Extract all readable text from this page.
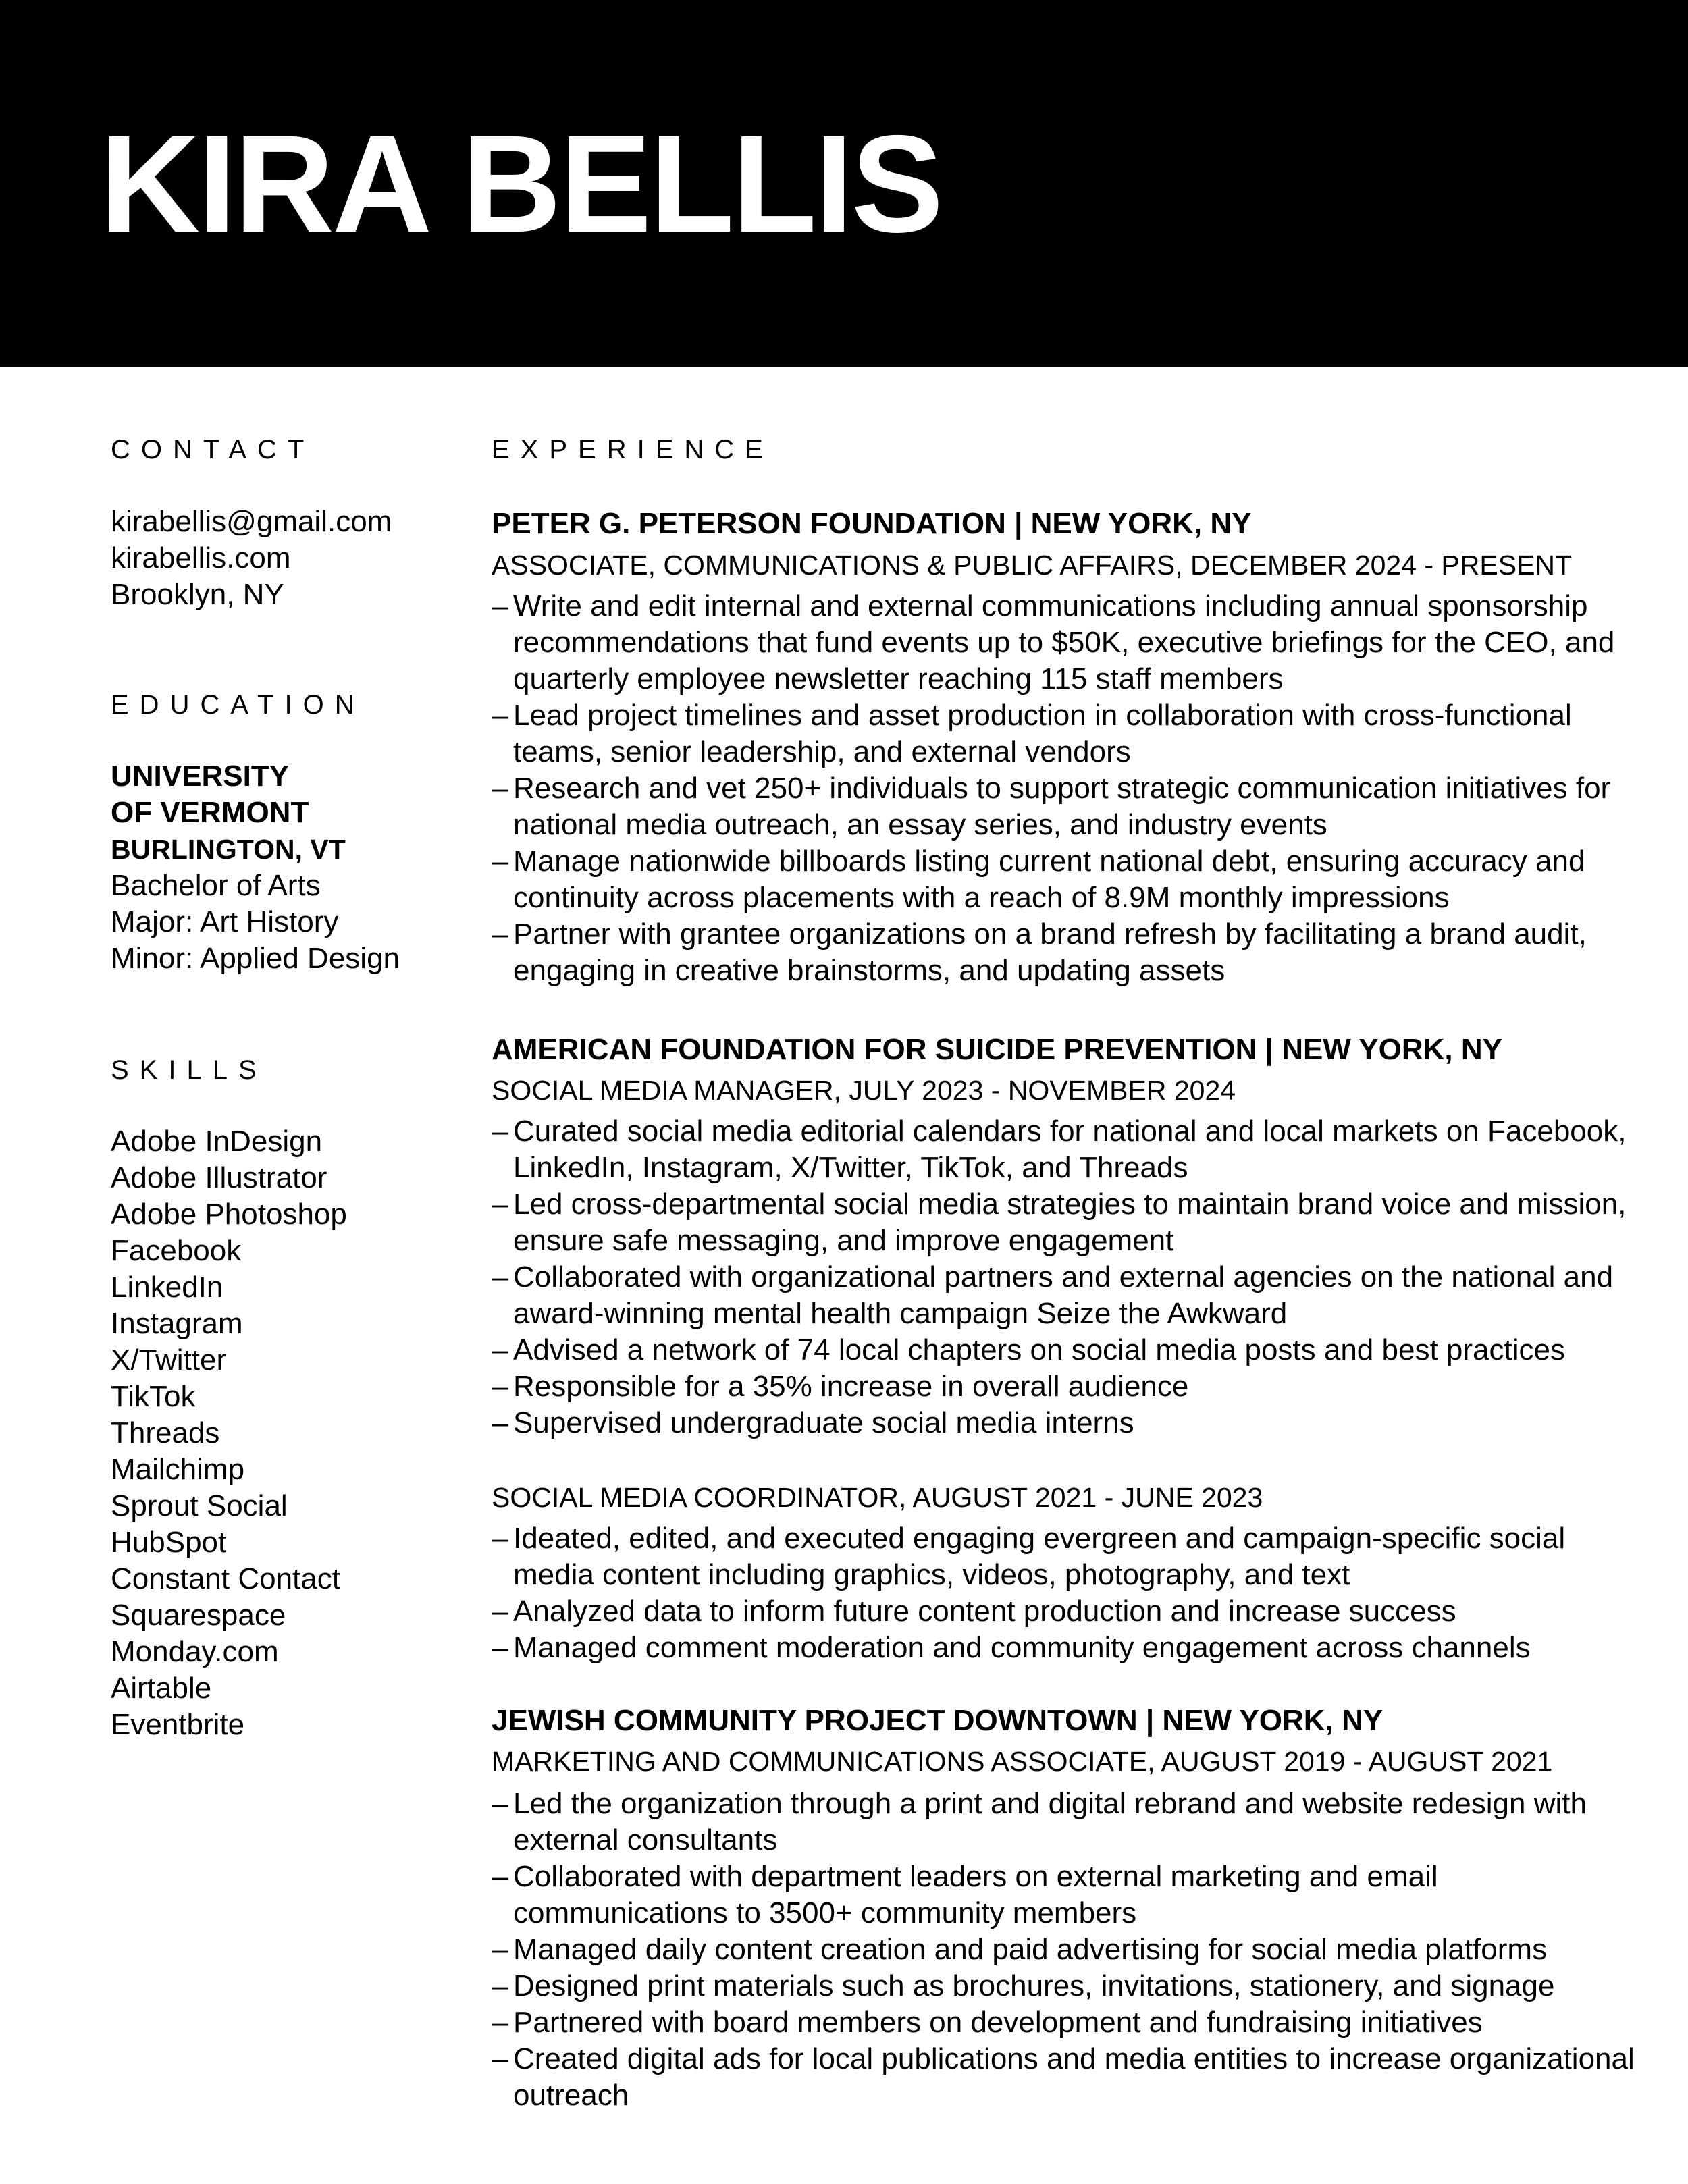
KIRA BELLIS
CONTACT
kirabellis@gmail.com
kirabellis.com
Brooklyn, NY
EDUCATION
UNIVERSITY
OF VERMONT
BURLINGTON, VT
Bachelor of Arts
Major: Art History
Minor: Applied Design
SKILLS
Adobe InDesign
Adobe Illustrator
Adobe Photoshop
Facebook
LinkedIn
Instagram
X/Twitter
TikTok
Threads
Mailchimp
Sprout Social
HubSpot
Constant Contact
Squarespace
Monday.com
Airtable
Eventbrite
EXPERIENCE
PETER G. PETERSON FOUNDATION | NEW YORK, NY
ASSOCIATE, COMMUNICATIONS & PUBLIC AFFAIRS, DECEMBER 2024 - PRESENT
– Write and edit internal and external communications including annual sponsorship recommendations that fund events up to $50K, executive briefings for the CEO, and quarterly employee newsletter reaching 115 staff members
– Lead project timelines and asset production in collaboration with cross-functional teams, senior leadership, and external vendors
– Research and vet 250+ individuals to support strategic communication initiatives for national media outreach, an essay series, and industry events
– Manage nationwide billboards listing current national debt, ensuring accuracy and continuity across placements with a reach of 8.9M monthly impressions
– Partner with grantee organizations on a brand refresh by facilitating a brand audit, engaging in creative brainstorms, and updating assets
AMERICAN FOUNDATION FOR SUICIDE PREVENTION | NEW YORK, NY
SOCIAL MEDIA MANAGER, JULY 2023 - NOVEMBER 2024
– Curated social media editorial calendars for national and local markets on Facebook, LinkedIn, Instagram, X/Twitter, TikTok, and Threads
– Led cross-departmental social media strategies to maintain brand voice and mission, ensure safe messaging, and improve engagement
– Collaborated with organizational partners and external agencies on the national and award-winning mental health campaign Seize the Awkward
– Advised a network of 74 local chapters on social media posts and best practices
– Responsible for a 35% increase in overall audience
– Supervised undergraduate social media interns
SOCIAL MEDIA COORDINATOR, AUGUST 2021 - JUNE 2023
– Ideated, edited, and executed engaging evergreen and campaign-specific social media content including graphics, videos, photography, and text
– Analyzed data to inform future content production and increase success
– Managed comment moderation and community engagement across channels
JEWISH COMMUNITY PROJECT DOWNTOWN | NEW YORK, NY
MARKETING AND COMMUNICATIONS ASSOCIATE, AUGUST 2019 - AUGUST 2021
– Led the organization through a print and digital rebrand and website redesign with external consultants
– Collaborated with department leaders on external marketing and email communications to 3500+ community members
– Managed daily content creation and paid advertising for social media platforms
– Designed print materials such as brochures, invitations, stationery, and signage
– Partnered with board members on development and fundraising initiatives
– Created digital ads for local publications and media entities to increase organizational outreach
